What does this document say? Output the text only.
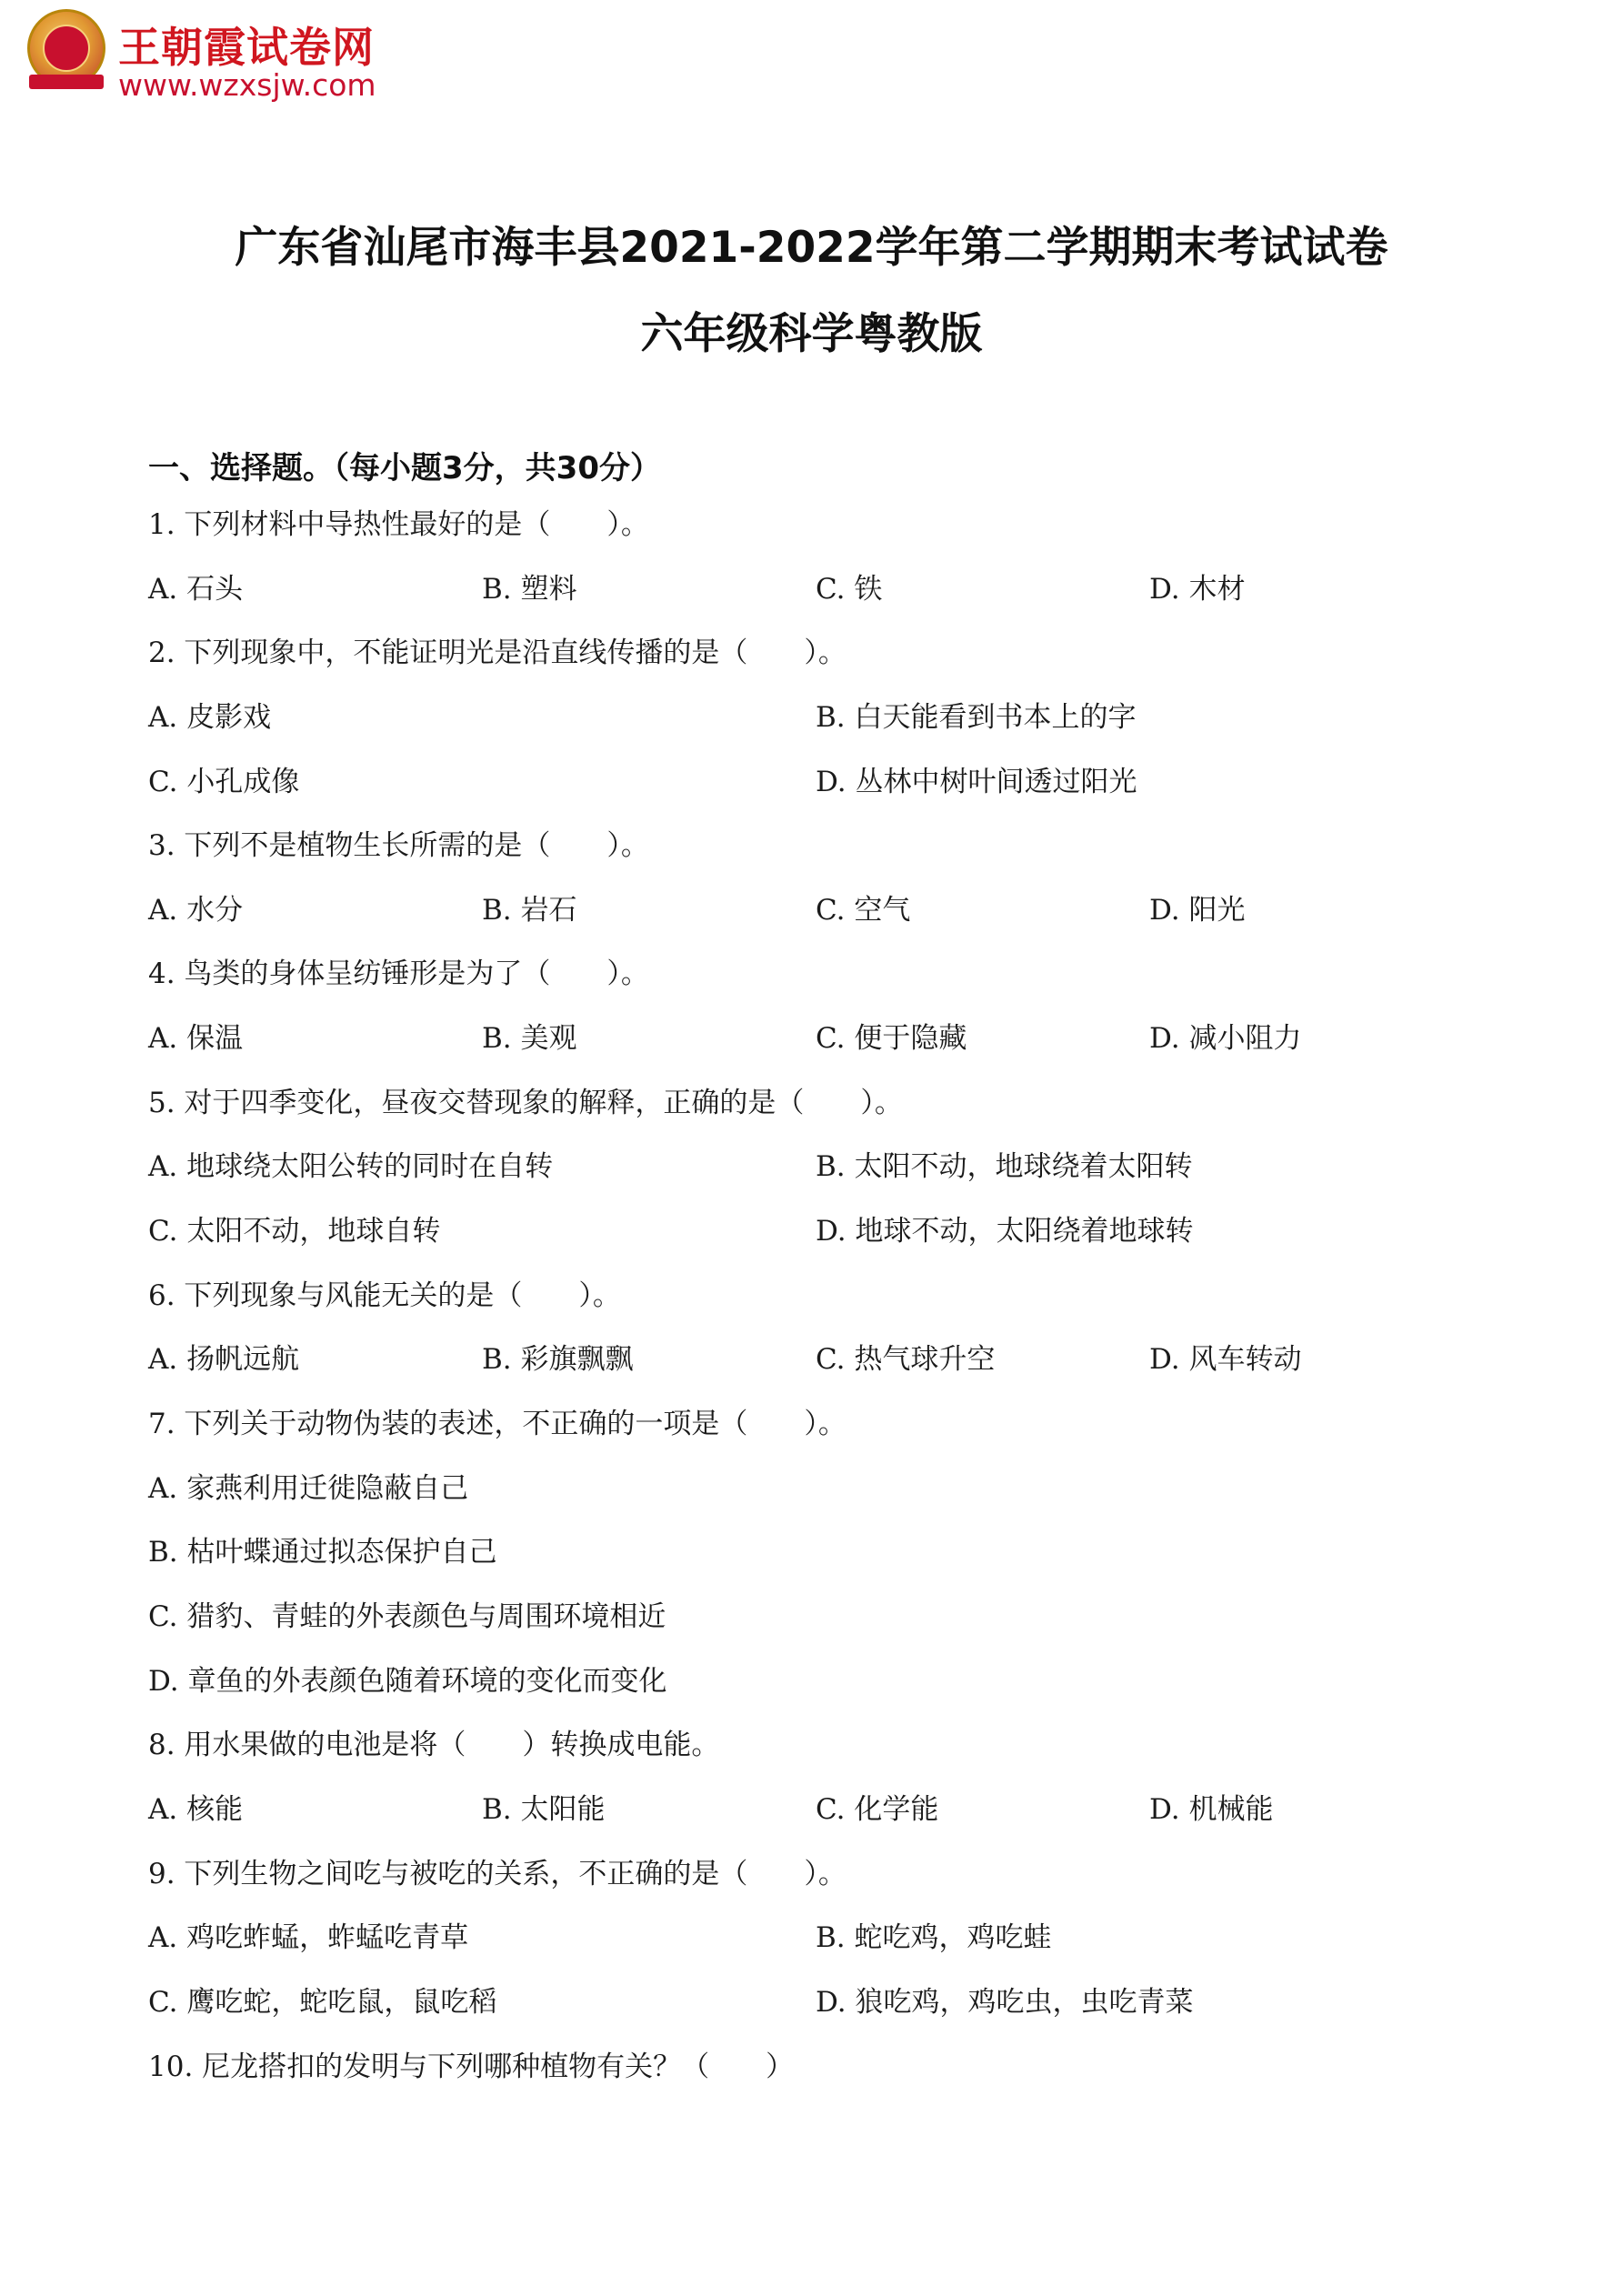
王朝霞试卷网
www.wzxsjw.com
广东省汕尾市海丰县2021-2022学年第二学期期末考试试卷
六年级科学粤教版
一、选择题。（每小题3分，共30分）
1. 下列材料中导热性最好的是（　　）。
A. 石头	B. 塑料	C. 铁	D. 木材
2. 下列现象中，不能证明光是沿直线传播的是（　　）。
A. 皮影戏	B. 白天能看到书本上的字
C. 小孔成像	D. 丛林中树叶间透过阳光
3. 下列不是植物生长所需的是（　　）。
A. 水分	B. 岩石	C. 空气	D. 阳光
4. 鸟类的身体呈纺锤形是为了（　　）。
A. 保温	B. 美观	C. 便于隐藏	D. 减小阻力
5. 对于四季变化，昼夜交替现象的解释，正确的是（　　）。
A. 地球绕太阳公转的同时在自转	B. 太阳不动，地球绕着太阳转
C. 太阳不动，地球自转	D. 地球不动，太阳绕着地球转
6. 下列现象与风能无关的是（　　）。
A. 扬帆远航	B. 彩旗飘飘	C. 热气球升空	D. 风车转动
7. 下列关于动物伪装的表述，不正确的一项是（　　）。
A. 家燕利用迁徙隐蔽自己
B. 枯叶蝶通过拟态保护自己
C. 猎豹、青蛙的外表颜色与周围环境相近
D. 章鱼的外表颜色随着环境的变化而变化
8. 用水果做的电池是将（　　）转换成电能。
A. 核能	B. 太阳能	C. 化学能	D. 机械能
9. 下列生物之间吃与被吃的关系，不正确的是（　　）。
A. 鸡吃蚱蜢，蚱蜢吃青草	B. 蛇吃鸡，鸡吃蛙
C. 鹰吃蛇，蛇吃鼠，鼠吃稻	D. 狼吃鸡，鸡吃虫，虫吃青菜
10. 尼龙搭扣的发明与下列哪种植物有关？（　　）
